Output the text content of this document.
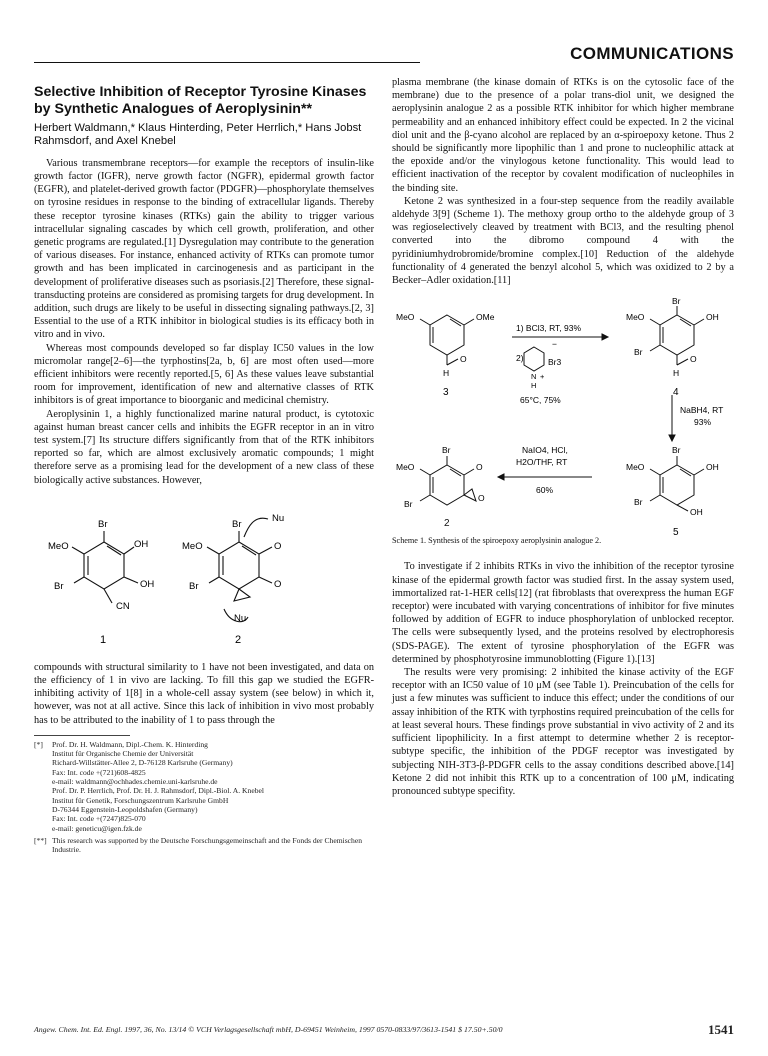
COMMUNICATIONS
Selective Inhibition of Receptor Tyrosine Kinases by Synthetic Analogues of Aeroplysinin**
Herbert Waldmann,* Klaus Hinterding, Peter Herrlich,* Hans Jobst Rahmsdorf, and Axel Knebel

Various transmembrane receptors—for example the receptors of insulin-like growth factor (IGFR), nerve growth factor (NGFR), epidermal growth factor (EGFR), and platelet-derived growth factor (PDGFR)—phosphorylate themselves on tyrosine residues in response to the binding of extracellular ligands. Thereby these receptor tyrosine kinases (RTKs) gain the ability to trigger various intracellular signaling cascades by which cell growth, proliferation, and other genetic programs are regulated.[1] Dysregulation may contribute to the generation of various diseases. For instance, enhanced activity of RTKs can promote tumor growth and has been implicated in carcinogenesis and as participant in the development of proliferative diseases such as psoriasis.[2] Therefore, these signal-transducting proteins are considered as promising targets for drug development. In addition, such drugs are likely to be useful in dissecting signaling pathways.[2, 3] Essential to the use of a RTK inhibitor in biological studies is its efficacy both in vitro and in vivo.

Whereas most compounds developed so far display IC50 values in the low micromolar range[2–6]—the tyrphostins[2a, b, 6] are most often used—more efficient inhibitors were recently reported.[5, 6] As these values leave substantial room for improvement, identification of new and alternative classes of RTK inhibitors is of great importance to bioorganic and medicinal chemistry.

Aeroplysinin 1, a highly functionalized marine natural product, is cytotoxic against human breast cancer cells and inhibits the EGFR receptor in an in vitro test system.[7] Its structure differs significantly from that of the RTK inhibitors reported so far, which are almost exclusively aromatic compounds; 1 might therefore serve as a promising lead for the development of a new class of these biologically active substances. However,

Br
MeO	OH
OH
Br
CN
1
Nu
Br
MeO	O
O
Br
Nu
2

compounds with structural similarity to 1 have not been investigated, and data on the efficiency of 1 in vivo are lacking. To fill this gap we studied the EGFR-inhibiting activity of 1[8] in a whole-cell assay system (see below) in which it, however, was not at all active. Since this lack of inhibition in vivo most probably has to be attributed to the inability of 1 to pass through the

[*] Prof. Dr. H. Waldmann, Dipl.-Chem. K. Hinterding
Institut für Organische Chemie der Universität
Richard-Willstätter-Allee 2, D-76128 Karlsruhe (Germany)
Fax: Int. code +(721)608-4825
e-mail: waldmann@ochhades.chemie.uni-karlsruhe.de
Prof. Dr. P. Herrlich, Prof. Dr. H. J. Rahmsdorf, Dipl.-Biol. A. Knebel
Institut für Genetik, Forschungszentrum Karlsruhe GmbH
D-76344 Eggenstein-Leopoldshafen (Germany)
Fax: Int. code +(7247)825-070
e-mail: geneticu@igen.fzk.de
[**] This research was supported by the Deutsche Forschungsgemeinschaft and the Fonds der Chemischen Industrie.

plasma membrane (the kinase domain of RTKs is on the cytosolic face of the membrane) due to the presence of a polar trans-diol unit, we designed the aeroplysinin analogue 2 as a possible RTK inhibitor for which higher membrane permeability and an enhanced inhibitory effect could be expected. In 2 the vicinal diol unit and the β-cyano alcohol are replaced by an α-spiroepoxy ketone. Thus 2 should be significantly more lipophilic than 1 and prone to nucleophilic attack at the epoxide and/or the vinylogous ketone functionality. This would lead to efficient inactivation of the receptor by covalent modification of nucleophiles in the binding site.

Ketone 2 was synthesized in a four-step sequence from the readily available aldehyde 3[9] (Scheme 1). The methoxy group ortho to the aldehyde group of 3 was regioselectively cleaved by treatment with BCl3, and the resulting phenol converted into the dibromo compound 4 with the pyridiniumhydrobromide/bromine complex.[10] Reduction of the aldehyde functionality of 4 generated the benzyl alcohol 5, which was oxidized to 2 by a Becker–Adler oxidation.[11]

MeO	OMe
O
H
3
1) BCl3, RT, 93%
2)
N
H
+
−
Br3
65°C, 75%
Br
MeO	OH
Br
O
H
4
NaBH4, RT
93%
Br
MeO	OH
Br
OH
5
NaIO4, HCl,
H2O/THF, RT
60%
Br
MeO	O
Br
O
2
Scheme 1. Synthesis of the spiroepoxy aeroplysinin analogue 2.

To investigate if 2 inhibits RTKs in vivo the inhibition of the receptor tyrosine kinase of the epidermal growth factor was studied first. In the assay system used, immortalized rat-1-HER cells[12] (rat fibroblasts that overexpress the human EGF receptor) were incubated with varying concentrations of inhibitor for five minutes followed by addition of EGFR to induce phosphorylation of unblocked receptor. The cells were subsequently lysed, and the proteins resolved by electrophoresis (SDS-PAGE). The extent of tyrosine phosphorylation of the EGFR was determined by phosphotyrosine immunoblotting (Figure 1).[13]

The results were very promising: 2 inhibited the kinase activity of the EGF receptor with an IC50 value of 10 μM (see Table 1). Preincubation of the cells for just a few minutes was sufficient to induce this effect; under the conditions of our assay inhibition of the RTK with tyrphostins required preincubation of the cells for at least several hours. These findings prove substantial in vivo activity of 2 and its sufficient lipophilicity. In a first attempt to determine whether 2 is receptor-subtype specific, the inhibition of the PDGF receptor was investigated by subjecting NIH-3T3-β-PDGFR cells to the assay conditions described above.[14] Ketone 2 did not inhibit this RTK up to a concentration of 100 μM, indicating pronounced subtype specifity.

Angew. Chem. Int. Ed. Engl. 1997, 36, No. 13/14 © VCH Verlagsgesellschaft mbH, D-69451 Weinheim, 1997 0570-0833/97/3613-1541 $ 17.50+.50/0	1541
